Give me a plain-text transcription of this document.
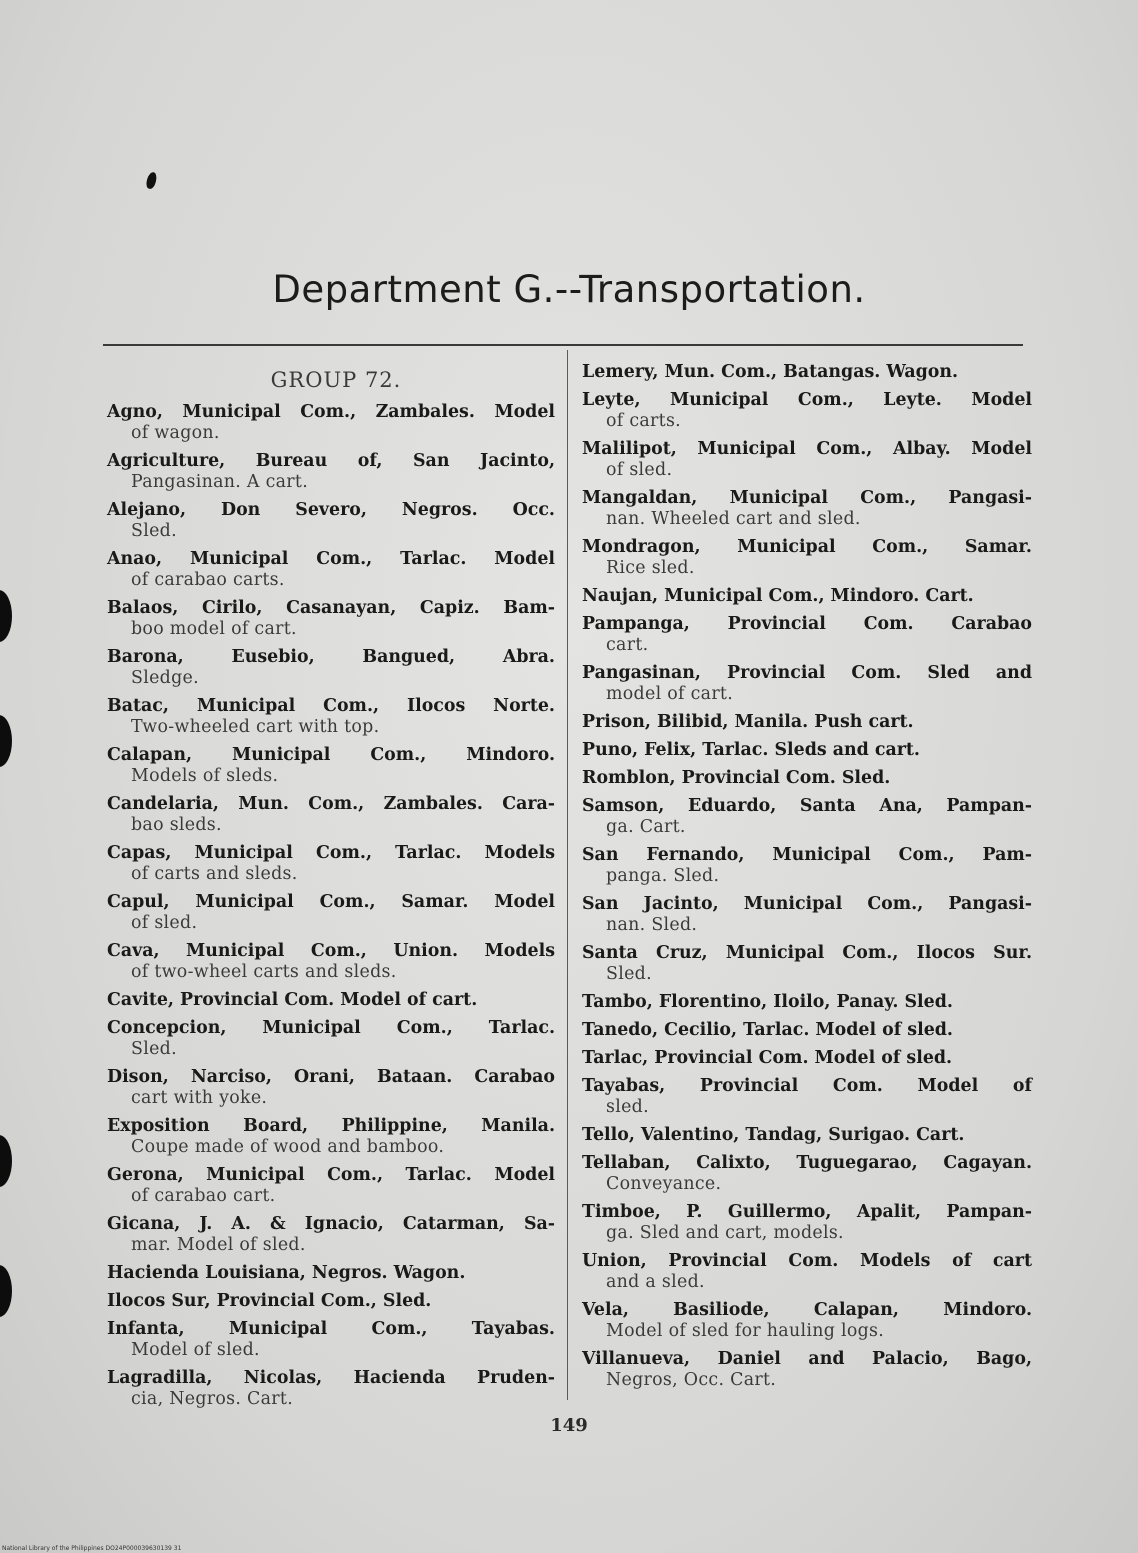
Department G.--Transportation.
GROUP 72.
Agno, Municipal Com., Zambales. Model
of wagon.
Agriculture, Bureau of, San Jacinto,
Pangasinan. A cart.
Alejano, Don Severo, Negros. Occ.
Sled.
Anao, Municipal Com., Tarlac. Model
of carabao carts.
Balaos, Cirilo, Casanayan, Capiz. Bam-
boo model of cart.
Barona, Eusebio, Bangued, Abra.
Sledge.
Batac, Municipal Com., Ilocos Norte.
Two-wheeled cart with top.
Calapan, Municipal Com., Mindoro.
Models of sleds.
Candelaria, Mun. Com., Zambales. Cara-
bao sleds.
Capas, Municipal Com., Tarlac. Models
of carts and sleds.
Capul, Municipal Com., Samar. Model
of sled.
Cava, Municipal Com., Union. Models
of two-wheel carts and sleds.
Cavite, Provincial Com. Model of cart.
Concepcion, Municipal Com., Tarlac.
Sled.
Dison, Narciso, Orani, Bataan. Carabao
cart with yoke.
Exposition Board, Philippine, Manila.
Coupe made of wood and bamboo.
Gerona, Municipal Com., Tarlac. Model
of carabao cart.
Gicana, J. A. & Ignacio, Catarman, Sa-
mar. Model of sled.
Hacienda Louisiana, Negros. Wagon.
Ilocos Sur, Provincial Com., Sled.
Infanta, Municipal Com., Tayabas.
Model of sled.
Lagradilla, Nicolas, Hacienda Pruden-
cia, Negros. Cart.
Lemery, Mun. Com., Batangas. Wagon.
Leyte, Municipal Com., Leyte. Model
of carts.
Malilipot, Municipal Com., Albay. Model
of sled.
Mangaldan, Municipal Com., Pangasi-
nan. Wheeled cart and sled.
Mondragon, Municipal Com., Samar.
Rice sled.
Naujan, Municipal Com., Mindoro. Cart.
Pampanga, Provincial Com. Carabao
cart.
Pangasinan, Provincial Com. Sled and
model of cart.
Prison, Bilibid, Manila. Push cart.
Puno, Felix, Tarlac. Sleds and cart.
Romblon, Provincial Com. Sled.
Samson, Eduardo, Santa Ana, Pampan-
ga. Cart.
San Fernando, Municipal Com., Pam-
panga. Sled.
San Jacinto, Municipal Com., Pangasi-
nan. Sled.
Santa Cruz, Municipal Com., Ilocos Sur.
Sled.
Tambo, Florentino, Iloilo, Panay. Sled.
Tanedo, Cecilio, Tarlac. Model of sled.
Tarlac, Provincial Com. Model of sled.
Tayabas, Provincial Com. Model of
sled.
Tello, Valentino, Tandag, Surigao. Cart.
Tellaban, Calixto, Tuguegarao, Cagayan.
Conveyance.
Timboe, P. Guillermo, Apalit, Pampan-
ga. Sled and cart, models.
Union, Provincial Com. Models of cart
and a sled.
Vela, Basiliode, Calapan, Mindoro.
Model of sled for hauling logs.
Villanueva, Daniel and Palacio, Bago,
Negros, Occ. Cart.
149
National Library of the Philippines DO24P000039630139 31
